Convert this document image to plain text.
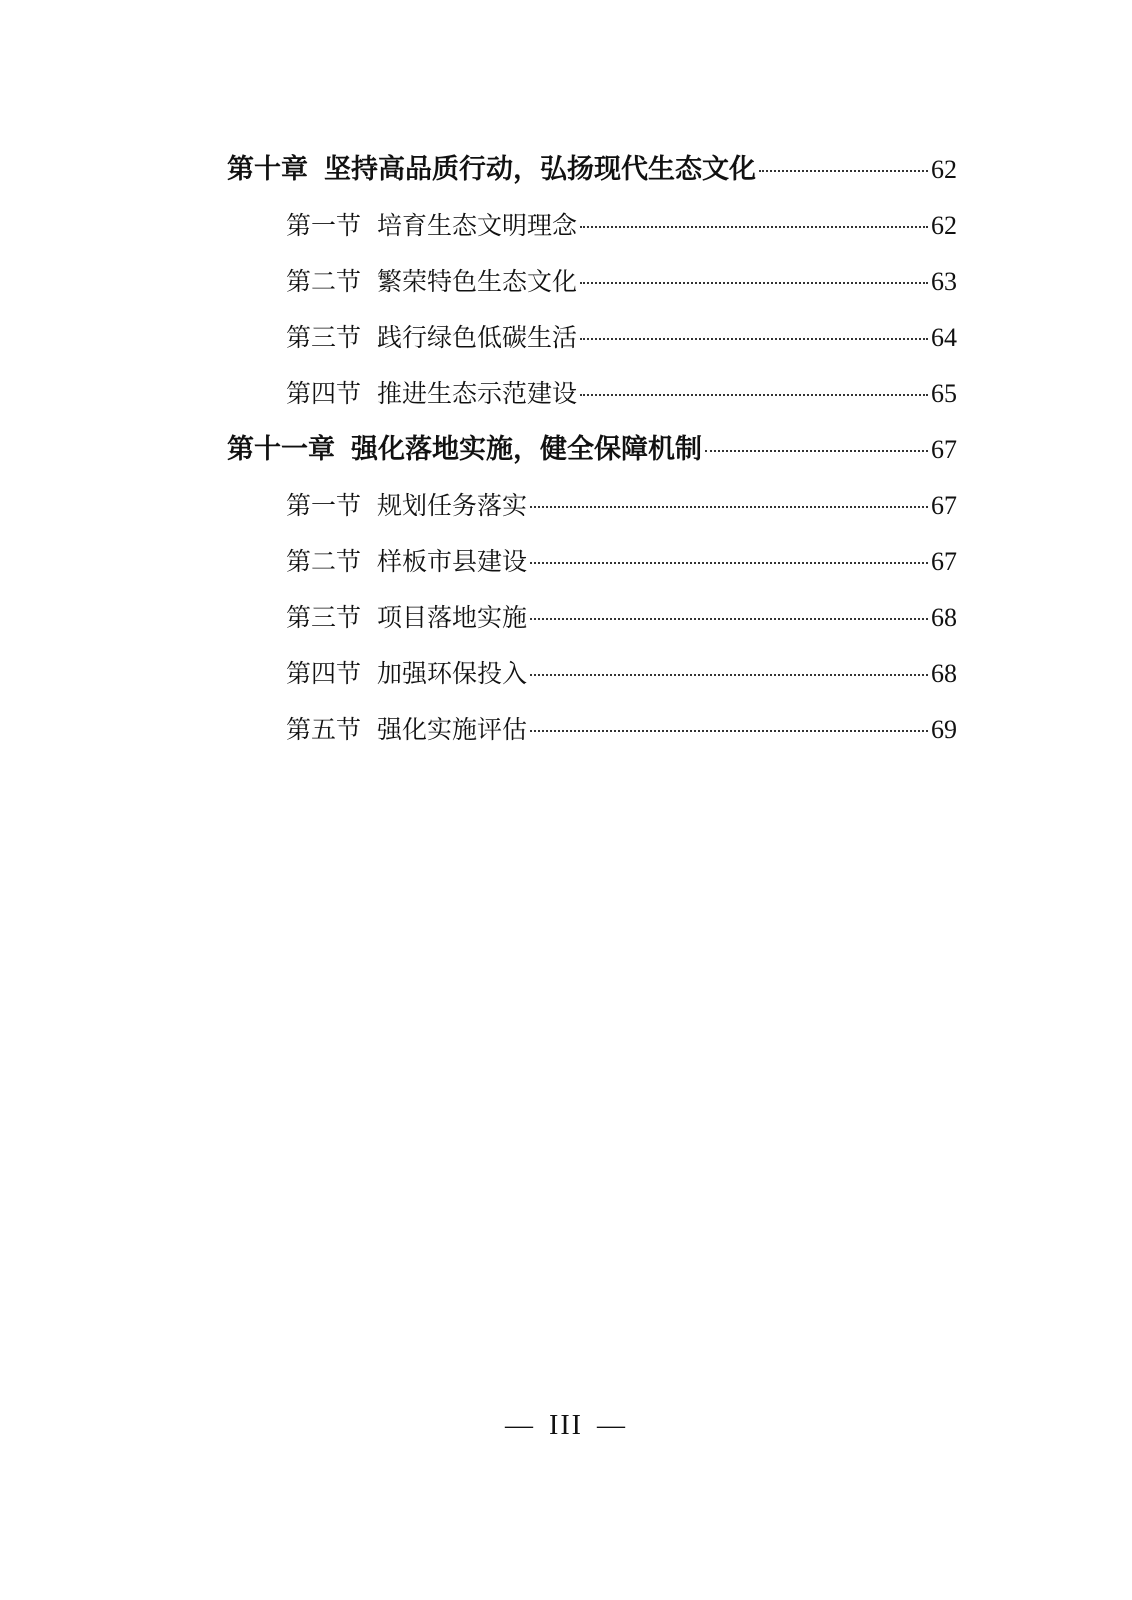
第十章 坚持高品质行动，弘扬现代生态文化	62
第一节 培育生态文明理念	62
第二节 繁荣特色生态文化	63
第三节 践行绿色低碳生活	64
第四节 推进生态示范建设	65
第十一章 强化落地实施，健全保障机制	67
第一节 规划任务落实	67
第二节 样板市县建设	67
第三节 项目落地实施	68
第四节 加强环保投入	68
第五节 强化实施评估	69
— III —
